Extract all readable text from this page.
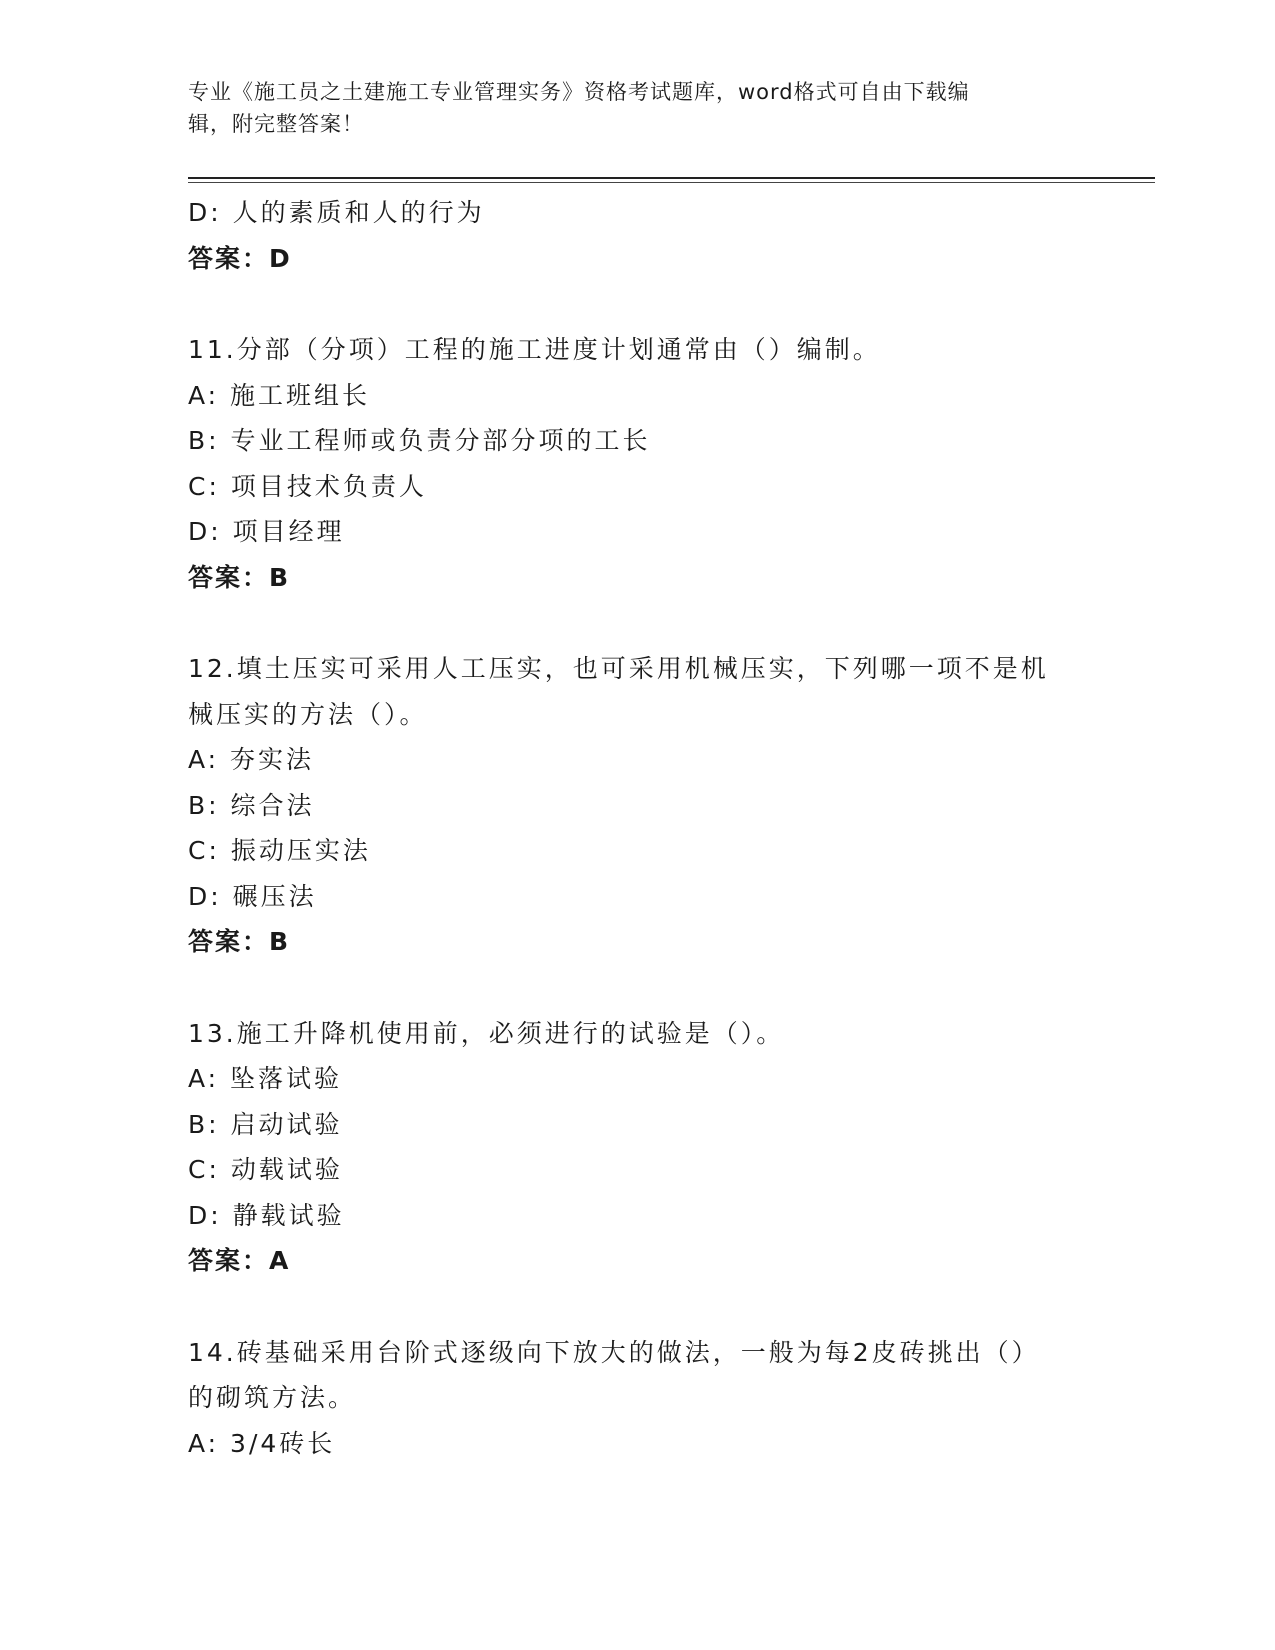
专业《施工员之土建施工专业管理实务》资格考试题库，word格式可自由下载编
辑，附完整答案！
D: 人的素质和人的行为
答案：D
11.分部（分项）工程的施工进度计划通常由（）编制。
A: 施工班组长
B: 专业工程师或负责分部分项的工长
C: 项目技术负责人
D: 项目经理
答案：B
12.填土压实可采用人工压实，也可采用机械压实，下列哪一项不是机
械压实的方法（）。
A: 夯实法
B: 综合法
C: 振动压实法
D: 碾压法
答案：B
13.施工升降机使用前，必须进行的试验是（）。
A: 坠落试验
B: 启动试验
C: 动载试验
D: 静载试验
答案：A
14.砖基础采用台阶式逐级向下放大的做法，一般为每2皮砖挑出（）
的砌筑方法。
A: 3/4砖长
